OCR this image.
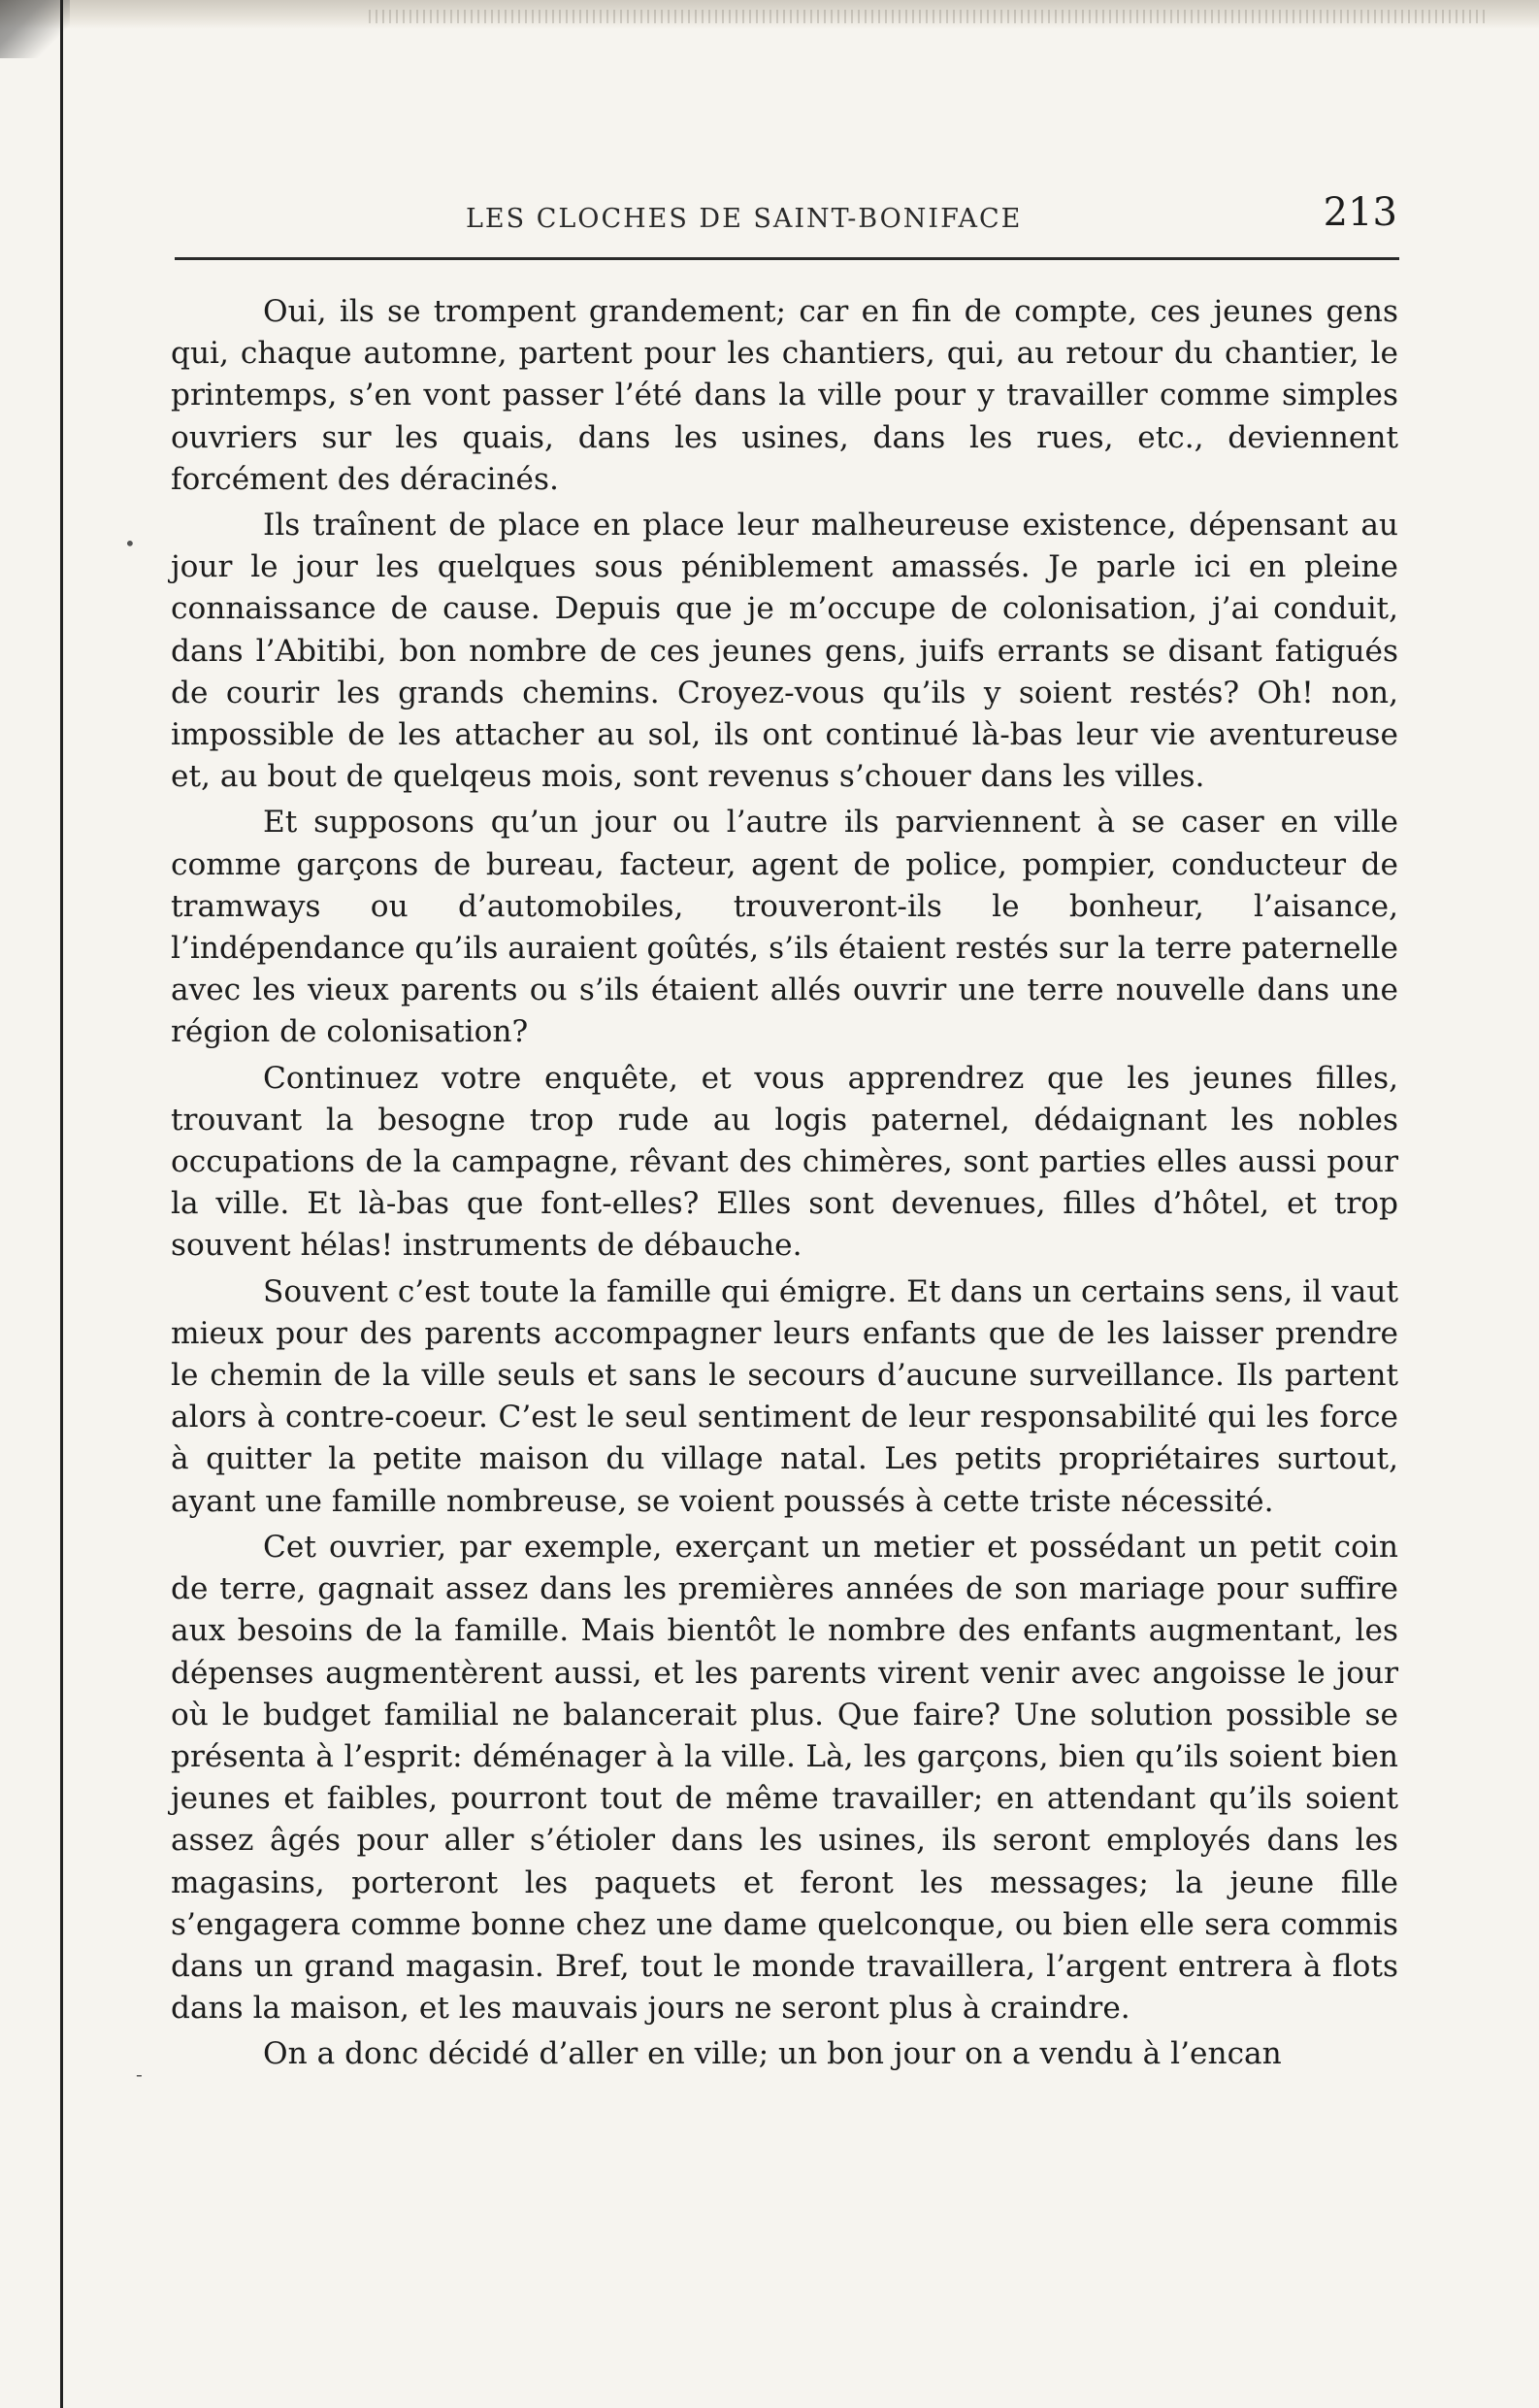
LES CLOCHES DE SAINT-BONIFACE	213

Oui, ils se trompent grandement; car en fin de compte, ces jeunes gens qui, chaque automne, partent pour les chantiers, qui, au retour du chantier, le printemps, s’en vont passer l’été dans la ville pour y travailler comme simples ouvriers sur les quais, dans les usines, dans les rues, etc., deviennent forcément des déracinés.

Ils traînent de place en place leur malheureuse existence, dépensant au jour le jour les quelques sous péniblement amassés. Je parle ici en pleine connaissance de cause. Depuis que je m’occupe de colonisation, j’ai conduit, dans l’Abitibi, bon nombre de ces jeunes gens, juifs errants se disant fatigués de courir les grands chemins. Croyez-vous qu’ils y soient restés? Oh! non, impossible de les attacher au sol, ils ont continué là-bas leur vie aventureuse et, au bout de quelqeus mois, sont revenus s’chouer dans les villes.

Et supposons qu’un jour ou l’autre ils parviennent à se caser en ville comme garçons de bureau, facteur, agent de police, pompier, conducteur de tramways ou d’automobiles, trouveront-ils le bonheur, l’aisance, l’indépendance qu’ils auraient goûtés, s’ils étaient restés sur la terre paternelle avec les vieux parents ou s’ils étaient allés ouvrir une terre nouvelle dans une région de colonisation?

Continuez votre enquête, et vous apprendrez que les jeunes filles, trouvant la besogne trop rude au logis paternel, dédaignant les nobles occupations de la campagne, rêvant des chimères, sont parties elles aussi pour la ville. Et là-bas que font-elles? Elles sont devenues, filles d’hôtel, et trop souvent hélas! instruments de débauche.

Souvent c’est toute la famille qui émigre. Et dans un certains sens, il vaut mieux pour des parents accompagner leurs enfants que de les laisser prendre le chemin de la ville seuls et sans le secours d’aucune surveillance. Ils partent alors à contre-coeur. C’est le seul sentiment de leur responsabilité qui les force à quitter la petite maison du village natal. Les petits propriétaires surtout, ayant une famille nombreuse, se voient poussés à cette triste nécessité.

Cet ouvrier, par exemple, exerçant un metier et possédant un petit coin de terre, gagnait assez dans les premières années de son mariage pour suffire aux besoins de la famille. Mais bientôt le nombre des enfants augmentant, les dépenses augmentèrent aussi, et les parents virent venir avec angoisse le jour où le budget familial ne balancerait plus. Que faire? Une solution possible se présenta à l’esprit: déménager à la ville. Là, les garçons, bien qu’ils soient bien jeunes et faibles, pourront tout de même travailler; en attendant qu’ils soient assez âgés pour aller s’étioler dans les usines, ils seront employés dans les magasins, porteront les paquets et feront les messages; la jeune fille s’engagera comme bonne chez une dame quelconque, ou bien elle sera commis dans un grand magasin. Bref, tout le monde travaillera, l’argent entrera à flots dans la maison, et les mauvais jours ne seront plus à craindre.

On a donc décidé d’aller en ville; un bon jour on a vendu à l’encan

•
-
